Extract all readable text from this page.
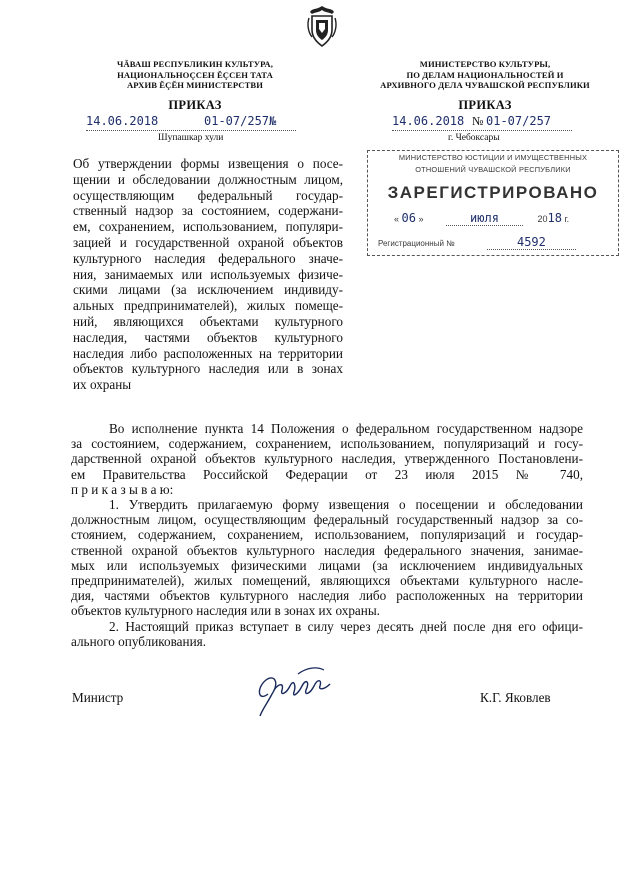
ЧĂВАШ РЕСПУБЛИКИН КУЛЬТУРА,
НАЦИОНАЛЬНОÇСЕН ĔÇСЕН ТАТА
АРХИВ ĔÇĔН МИНИСТЕРСТВИ
ПРИКАЗ
14.06.2018	01-07/257№
Шупашкар хули
МИНИСТЕРСТВО КУЛЬТУРЫ,
ПО ДЕЛАМ НАЦИОНАЛЬНОСТЕЙ И
АРХИВНОГО ДЕЛА ЧУВАШСКОЙ РЕСПУБЛИКИ
ПРИКАЗ
14.06.2018 № 01-07/257
г. Чебоксары
МИНИСТЕРСТВО ЮСТИЦИИ И ИМУЩЕСТВЕННЫХ
ОТНОШЕНИЙ ЧУВАШСКОЙ РЕСПУБЛИКИ
ЗАРЕГИСТРИРОВАНО
« 06 »	июля	2018 г.
Регистрационный №	4592
Об утверждении формы извещения о посе-
щении и обследовании должностным лицом,
осуществляющим федеральный государ-
ственный надзор за состоянием, содержани-
ем, сохранением, использованием, популяри-
зацией и государственной охраной объектов
культурного наследия федерального значе-
ния, занимаемых или используемых физиче-
скими лицами (за исключением индивиду-
альных предпринимателей), жилых помеще-
ний, являющихся объектами культурного
наследия, частями объектов культурного
наследия либо расположенных на территории
объектов культурного наследия или в зонах
их охраны
Во исполнение пункта 14 Положения о федеральном государственном надзоре
за состоянием, содержанием, сохранением, использованием, популяризаций и госу-
дарственной охраной объектов культурного наследия, утвержденного Постановлени-
ем Правительства Российской Федерации от 23 июля 2015 № 740,
п р и к а з ы в а ю:
1. Утвердить прилагаемую форму извещения о посещении и обследовании
должностным лицом, осуществляющим федеральный государственный надзор за со-
стоянием, содержанием, сохранением, использованием, популяризаций и государ-
ственной охраной объектов культурного наследия федерального значения, занимае-
мых или используемых физическими лицами (за исключением индивидуальных
предпринимателей), жилых помещений, являющихся объектами культурного насле-
дия, частями объектов культурного наследия либо расположенных на территории
объектов культурного наследия или в зонах их охраны.
2. Настоящий приказ вступает в силу через десять дней после дня его офици-
ального опубликования.
Министр	К.Г. Яковлев
